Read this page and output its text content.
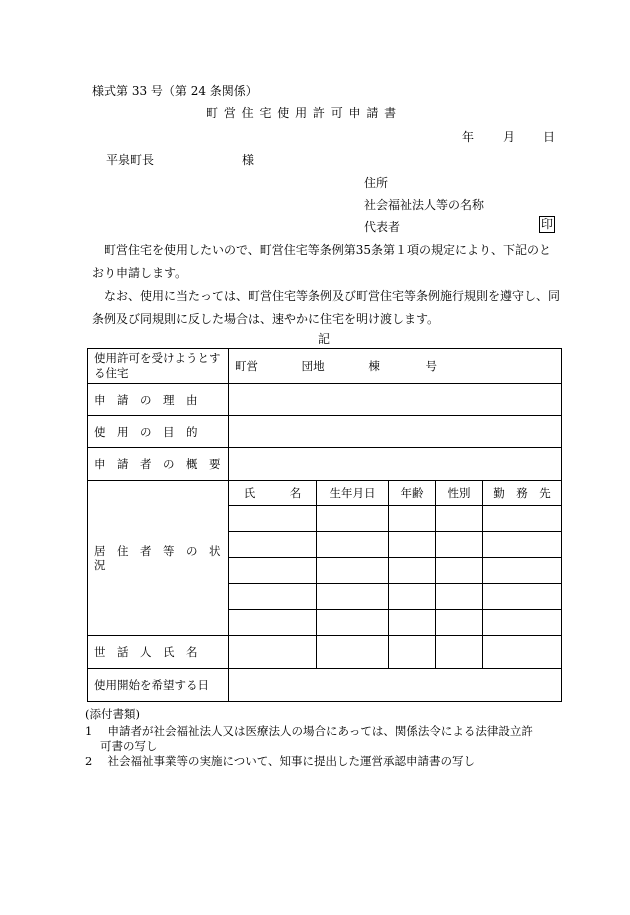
様式第 33 号（第 24 条関係）
町 営 住 宅 使 用 許 可 申 請 書
年 月 日
平泉町長	様
住所
社会福祉法人等の名称
代表者	印
町営住宅を使用したいので、町営住宅等条例第35条第１項の規定により、下記のとおり申請します。
なお、使用に当たっては、町営住宅等条例及び町営住宅等条例施行規則を遵守し、同条例及び同規則に反した場合は、速やかに住宅を明け渡します。
記
使用許可を受けようとする住宅	町営 団地 棟 号				
申　請　の　理　由					
使　用　の　目　的					
申　請　者　の　概　要					
居　住　者　等　の　状　況	氏　　　名	生年月日	年齢	性別	勤　務　先

世　話　人　氏　名					
使用開始を希望する日					
(添付書類)
1　 申請者が社会福祉法人又は医療法人の場合にあっては、関係法令による法律設立許
可書の写し
2　 社会福祉事業等の実施について、知事に提出した運営承認申請書の写し
